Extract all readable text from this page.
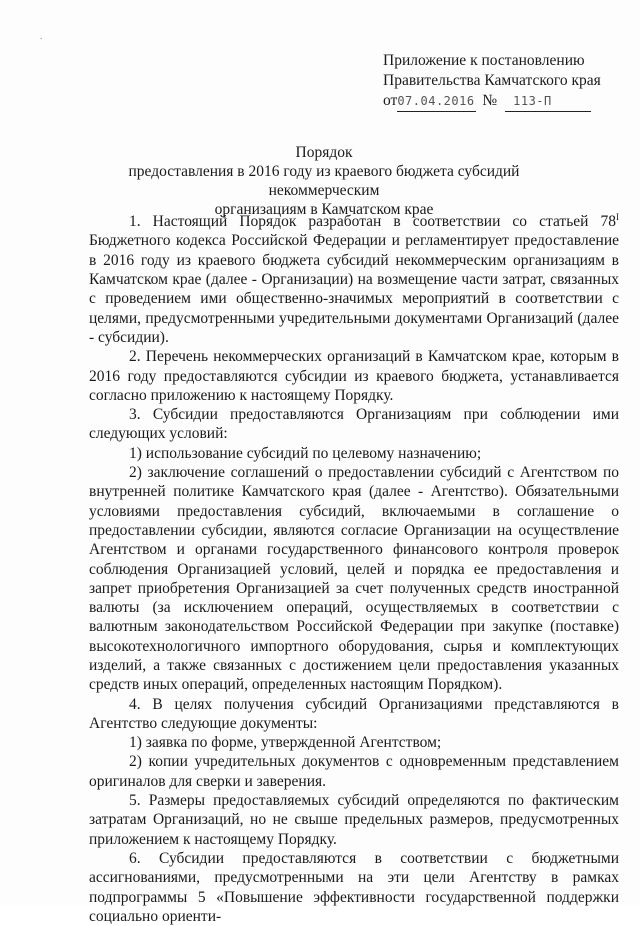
.
Приложение к постановлению
Правительства Камчатского края
от 07.04.2016 №	113-П
Порядок
предоставления в 2016 году из краевого бюджета субсидий некоммерческим
организациям в Камчатском крае

1. Настоящий Порядок разработан в соответствии со статьей $78^I$ Бюджетного кодекса Российской Федерации и регламентирует предоставление в 2016 году из краевого бюджета субсидий некоммерческим организациям в Камчатском крае (далее - Организации) на возмещение части затрат, связанных с проведением ими общественно-значимых мероприятий в соответствии с целями, предусмотренными учредительными документами Организаций (далее - субсидии).

2. Перечень некоммерческих организаций в Камчатском крае, которым в 2016 году предоставляются субсидии из краевого бюджета, устанавливается согласно приложению к настоящему Порядку.

3. Субсидии предоставляются Организациям при соблюдении ими следующих условий:

1) использование субсидий по целевому назначению;

2) заключение соглашений о предоставлении субсидий с Агентством по внутренней политике Камчатского края (далее - Агентство). Обязательными условиями предоставления субсидий, включаемыми в соглашение о предоставлении субсидии, являются согласие Организации на осуществление Агентством и органами государственного финансового контроля проверок соблюдения Организацией условий, целей и порядка ее предоставления и запрет приобретения Организацией за счет полученных средств иностранной валюты (за исключением операций, осуществляемых в соответствии с валютным законодательством Российской Федерации при закупке (поставке) высокотехнологичного импортного оборудования, сырья и комплектующих изделий, а также связанных с достижением цели предоставления указанных средств иных операций, определенных настоящим Порядком).

4. В целях получения субсидий Организациями представляются в Агентство следующие документы:

1) заявка по форме, утвержденной Агентством;

2) копии учредительных документов с одновременным представлением оригиналов для сверки и заверения.

5. Размеры предоставляемых субсидий определяются по фактическим затратам Организаций, но не свыше предельных размеров, предусмотренных приложением к настоящему Порядку.

6. Субсидии предоставляются в соответствии с бюджетными ассигнованиями, предусмотренными на эти цели Агентству в рамках подпрограммы 5 «Повышение эффективности государственной поддержки социально ориенти-
